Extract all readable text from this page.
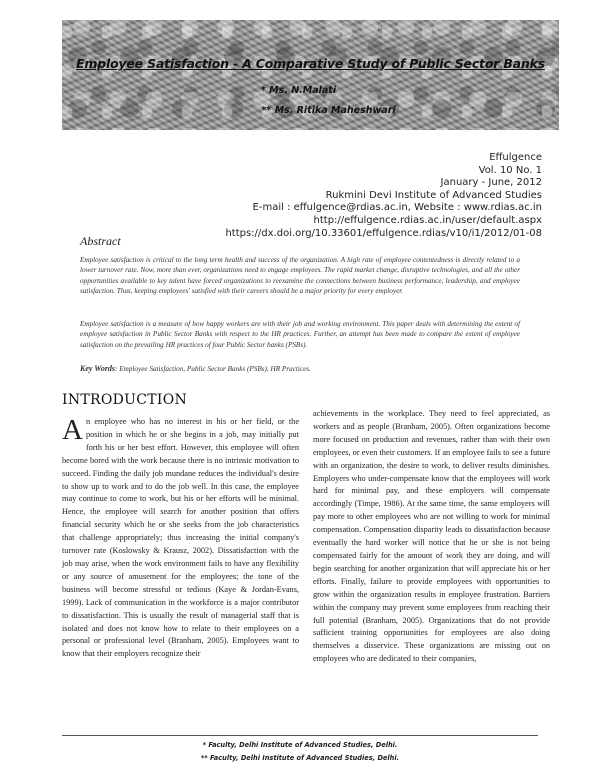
Employee Satisfaction - A Comparative Study of Public Sector Banks
* Ms. N.Malati
** Ms. Ritika Maheshwari
Effulgence
Vol. 10 No. 1
January - June, 2012
Rukmini Devi Institute of Advanced Studies
E-mail : effulgence@rdias.ac.in, Website : www.rdias.ac.in
http://effulgence.rdias.ac.in/user/default.aspx
https://dx.doi.org/10.33601/effulgence.rdias/v10/i1/2012/01-08
Abstract
Employee satisfaction is critical to the long term health and success of the organization. A high rate of employee contentedness is directly related to a lower turnover rate. Now, more than ever, organizations need to engage employees. The rapid market change, disruptive technologies, and all the other opportunities available to key talent have forced organizations to reexamine the connections between business performance, leadership, and employee satisfaction. Thus, keeping employees' satisfied with their careers should be a major priority for every employer.
Employee satisfaction is a measure of how happy workers are with their job and working environment. This paper deals with determining the extent of employee satisfaction in Public Sector Banks with respect to the HR practices. Further, an attempt has been made to compare the extent of employee satisfaction on the prevailing HR practices of four Public Sector banks (PSBs).
Key Words: Employee Satisfaction, Public Sector Banks (PSBs), HR Practices.
INTRODUCTION
An employee who has no interest in his or her field, or the position in which he or she begins in a job, may initially put forth his or her best effort. However, this employee will often become bored with the work because there is no intrinsic motivation to succeed. Finding the daily job mundane reduces the individual's desire to show up to work and to do the job well. In this case, the employee may continue to come to work, but his or her efforts will be minimal. Hence, the employee will search for another position that offers financial security which he or she seeks from the job characteristics that challenge appropriately; thus increasing the initial company's turnover rate (Koslowsky & Krausz, 2002). Dissatisfaction with the job may arise, when the work environment fails to have any flexibility or any source of amusement for the employees; the tone of the business will become stressful or tedious (Kaye & Jordan-Evans, 1999). Lack of communication in the workforce is a major contributor to dissatisfaction. This is usually the result of managerial staff that is isolated and does not know how to relate to their employees on a personal or professional level (Branham, 2005). Employees want to know that their employers recognize their
achievements in the workplace. They need to feel appreciated, as workers and as people (Branham, 2005). Often organizations become more focused on production and revenues, rather than with their own employees, or even their customers. If an employee fails to see a future with an organization, the desire to work, to deliver results diminishes. Employers who under-compensate know that the employees will work hard for minimal pay, and these employers will compensate accordingly (Timpe, 1986). At the same time, the same employers will pay more to other employees who are not willing to work for minimal compensation. Compensation disparity leads to dissatisfaction because eventually the hard worker will notice that he or she is not being compensated fairly for the amount of work they are doing, and will begin searching for another organization that will appreciate his or her efforts. Finally, failure to provide employees with opportunities to grow within the organization results in employee frustration. Barriers within the company may prevent some employees from reaching their full potential (Branham, 2005). Organizations that do not provide sufficient training opportunities for employees are also doing themselves a disservice. These organizations are missing out on employees who are dedicated to their companies,
* Faculty, Delhi Institute of Advanced Studies, Delhi.
** Faculty, Delhi Institute of Advanced Studies, Delhi.
